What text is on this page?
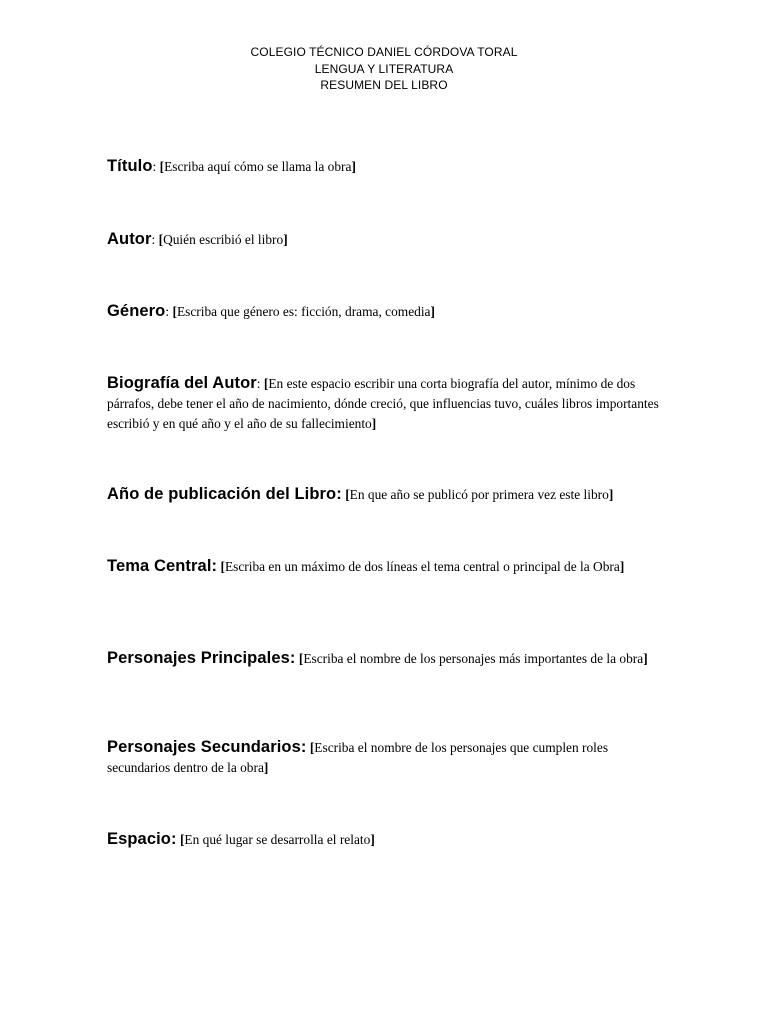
COLEGIO TÉCNICO DANIEL CÓRDOVA TORAL
LENGUA Y LITERATURA
RESUMEN DEL LIBRO
Título: [Escriba aquí cómo se llama la obra]
Autor: [Quién escribió el libro]
Género: [Escriba que género es: ficción, drama, comedia]
Biografía del Autor: [En este espacio escribir una corta biografía del autor, mínimo de dos párrafos, debe tener el año de nacimiento, dónde creció, que influencias tuvo, cuáles libros importantes escribió y en qué año y el año de su fallecimiento]
Año de publicación del Libro: [En que año se publicó por primera vez este libro]
Tema Central: [Escriba en un máximo de dos líneas el tema central o principal de la Obra]
Personajes Principales: [Escriba el nombre de los personajes más importantes de la obra]
Personajes Secundarios: [Escriba el nombre de los personajes que cumplen roles secundarios dentro de la obra]
Espacio: [En qué lugar se desarrolla el relato]
